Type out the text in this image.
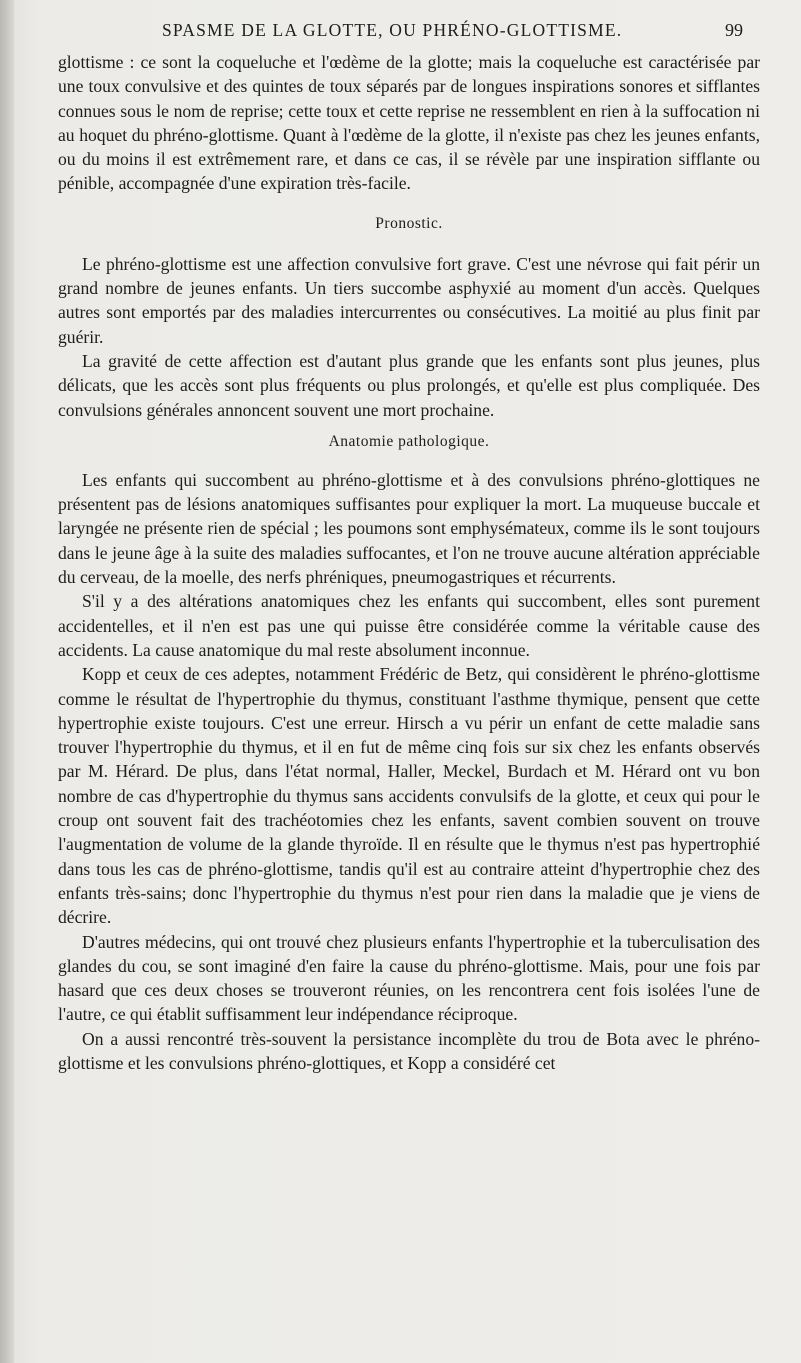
SPASME DE LA GLOTTE, OU PHRÉNO-GLOTTISME.	99

glottisme : ce sont la coqueluche et l'œdème de la glotte; mais la coqueluche est caractérisée par une toux convulsive et des quintes de toux séparés par de longues inspirations sonores et sifflantes connues sous le nom de reprise; cette toux et cette reprise ne ressemblent en rien à la suffocation ni au hoquet du phréno-glottisme. Quant à l'œdème de la glotte, il n'existe pas chez les jeunes enfants, ou du moins il est extrêmement rare, et dans ce cas, il se révèle par une inspiration sifflante ou pénible, accompagnée d'une expiration très-facile.

Pronostic.

Le phréno-glottisme est une affection convulsive fort grave. C'est une névrose qui fait périr un grand nombre de jeunes enfants. Un tiers succombe asphyxié au moment d'un accès. Quelques autres sont emportés par des maladies intercurrentes ou consécutives. La moitié au plus finit par guérir.

La gravité de cette affection est d'autant plus grande que les enfants sont plus jeunes, plus délicats, que les accès sont plus fréquents ou plus prolongés, et qu'elle est plus compliquée. Des convulsions générales annoncent souvent une mort prochaine.

Anatomie pathologique.

Les enfants qui succombent au phréno-glottisme et à des convulsions phréno-glottiques ne présentent pas de lésions anatomiques suffisantes pour expliquer la mort. La muqueuse buccale et laryngée ne présente rien de spécial ; les poumons sont emphysémateux, comme ils le sont toujours dans le jeune âge à la suite des maladies suffocantes, et l'on ne trouve aucune altération appréciable du cerveau, de la moelle, des nerfs phréniques, pneumogastriques et récurrents.

S'il y a des altérations anatomiques chez les enfants qui succombent, elles sont purement accidentelles, et il n'en est pas une qui puisse être considérée comme la véritable cause des accidents. La cause anatomique du mal reste absolument inconnue.

Kopp et ceux de ces adeptes, notamment Frédéric de Betz, qui considèrent le phréno-glottisme comme le résultat de l'hypertrophie du thymus, constituant l'asthme thymique, pensent que cette hypertrophie existe toujours. C'est une erreur. Hirsch a vu périr un enfant de cette maladie sans trouver l'hypertrophie du thymus, et il en fut de même cinq fois sur six chez les enfants observés par M. Hérard. De plus, dans l'état normal, Haller, Meckel, Burdach et M. Hérard ont vu bon nombre de cas d'hypertrophie du thymus sans accidents convulsifs de la glotte, et ceux qui pour le croup ont souvent fait des trachéotomies chez les enfants, savent combien souvent on trouve l'augmentation de volume de la glande thyroïde. Il en résulte que le thymus n'est pas hypertrophié dans tous les cas de phréno-glottisme, tandis qu'il est au contraire atteint d'hypertrophie chez des enfants très-sains; donc l'hypertrophie du thymus n'est pour rien dans la maladie que je viens de décrire.

D'autres médecins, qui ont trouvé chez plusieurs enfants l'hypertrophie et la tuberculisation des glandes du cou, se sont imaginé d'en faire la cause du phréno-glottisme. Mais, pour une fois par hasard que ces deux choses se trouveront réunies, on les rencontrera cent fois isolées l'une de l'autre, ce qui établit suffisamment leur indépendance réciproque.

On a aussi rencontré très-souvent la persistance incomplète du trou de Bota avec le phréno-glottisme et les convulsions phréno-glottiques, et Kopp a considéré cet
